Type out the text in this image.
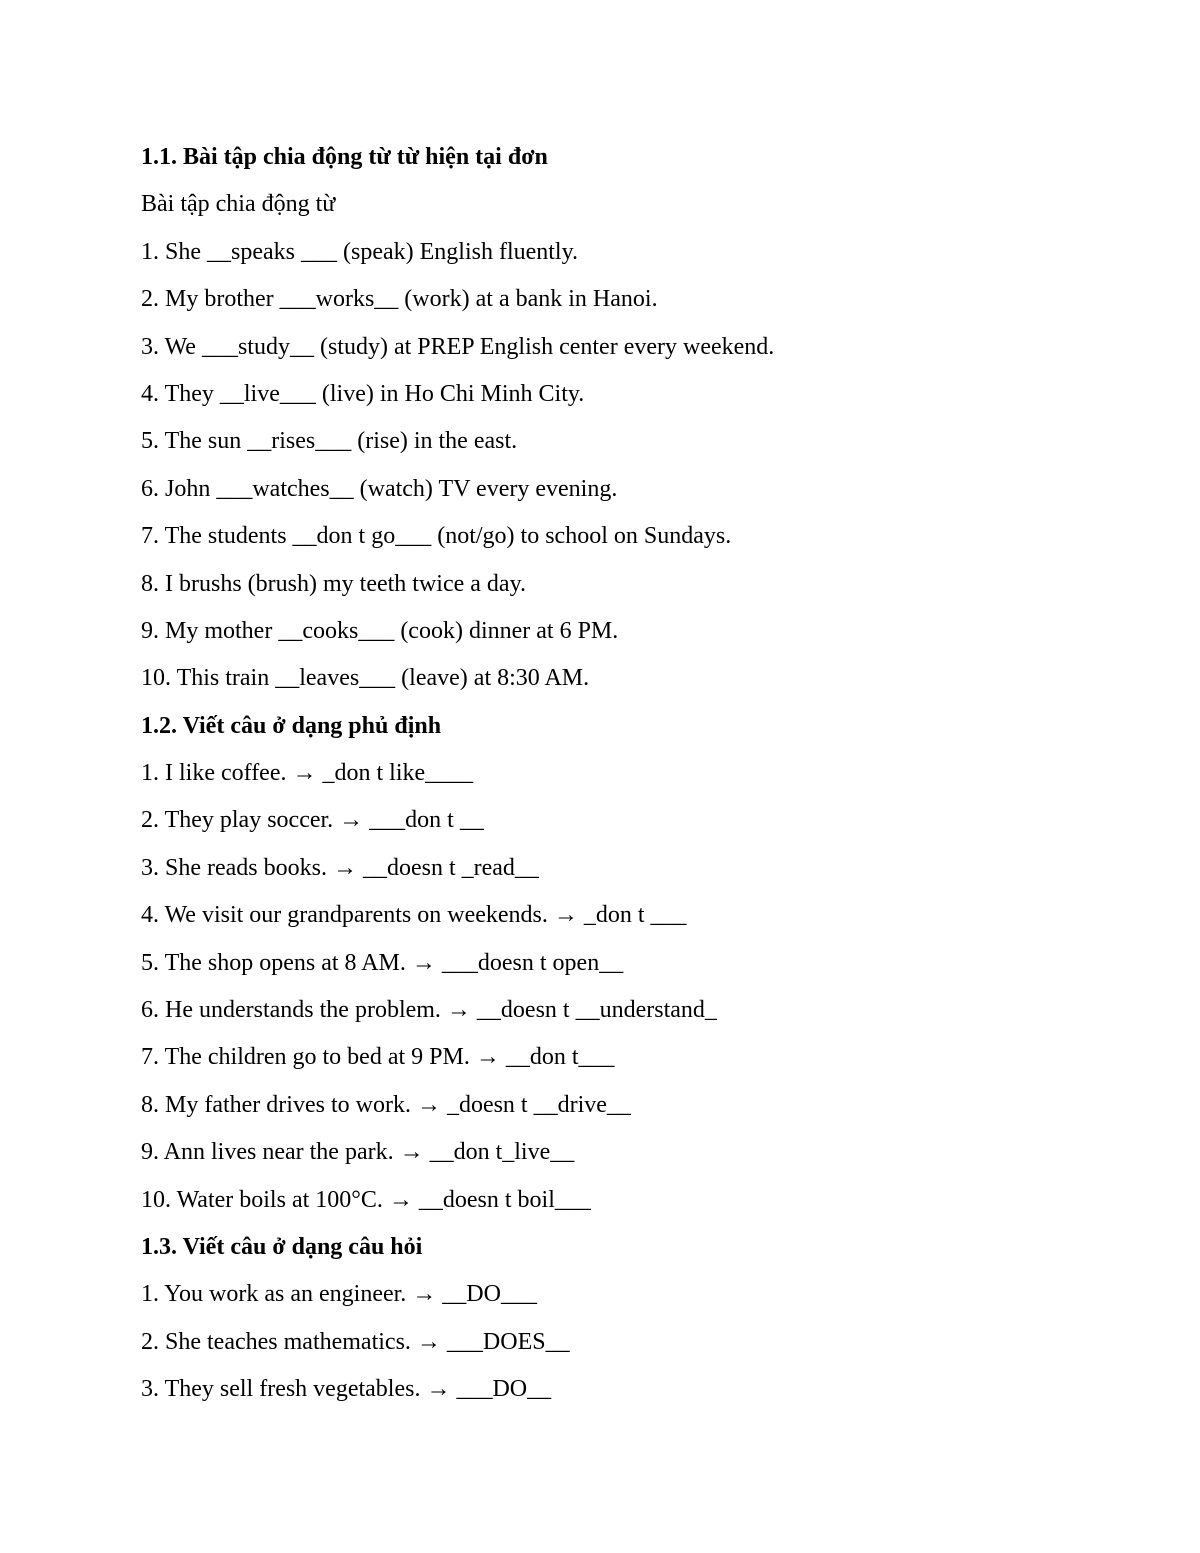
1.1. Bài tập chia động từ từ hiện tại đơn
Bài tập chia động từ
1. She __speaks ___ (speak) English fluently.
2. My brother ___works__ (work) at a bank in Hanoi.
3. We ___study__ (study) at PREP English center every weekend.
4. They __live___ (live) in Ho Chi Minh City.
5. The sun __rises___ (rise) in the east.
6. John ___watches__ (watch) TV every evening.
7. The students __don t go___ (not/go) to school on Sundays.
8. I brushs (brush) my teeth twice a day.
9. My mother __cooks___ (cook) dinner at 6 PM.
10. This train __leaves___ (leave) at 8:30 AM.
1.2. Viết câu ở dạng phủ định
1. I like coffee. → _don t like____
2. They play soccer. → ___don t __
3. She reads books. → __doesn t _read__
4. We visit our grandparents on weekends. → _don t ___
5. The shop opens at 8 AM. → ___doesn t open__
6. He understands the problem. → __doesn t __understand_
7. The children go to bed at 9 PM. → __don t___
8. My father drives to work. → _doesn t __drive__
9. Ann lives near the park. → __don t_live__
10. Water boils at 100°C. → __doesn t boil___
1.3. Viết câu ở dạng câu hỏi
1. You work as an engineer. → __DO___
2. She teaches mathematics. → ___DOES__
3. They sell fresh vegetables. → ___DO__
